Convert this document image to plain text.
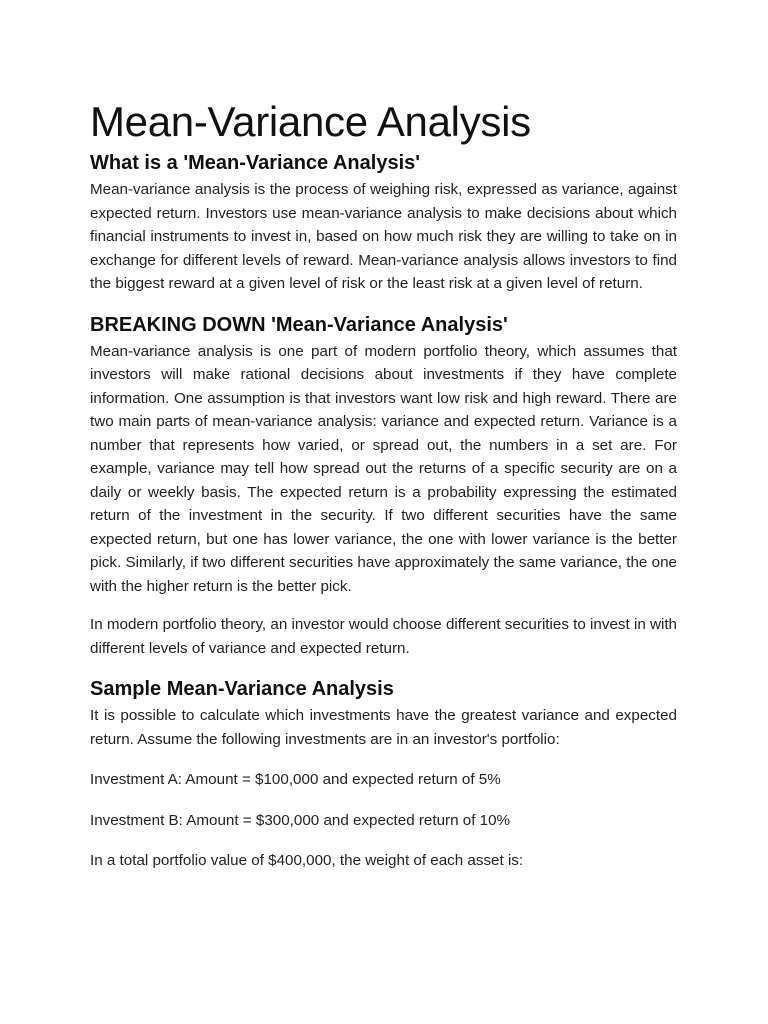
Mean-Variance Analysis
What is a 'Mean-Variance Analysis'

Mean-variance analysis is the process of weighing risk, expressed as variance, against expected return. Investors use mean-variance analysis to make decisions about which financial instruments to invest in, based on how much risk they are willing to take on in exchange for different levels of reward. Mean-variance analysis allows investors to find the biggest reward at a given level of risk or the least risk at a given level of return.

BREAKING DOWN 'Mean-Variance Analysis'

Mean-variance analysis is one part of modern portfolio theory, which assumes that investors will make rational decisions about investments if they have complete information. One assumption is that investors want low risk and high reward. There are two main parts of mean-variance analysis: variance and expected return. Variance is a number that represents how varied, or spread out, the numbers in a set are. For example, variance may tell how spread out the returns of a specific security are on a daily or weekly basis. The expected return is a probability expressing the estimated return of the investment in the security. If two different securities have the same expected return, but one has lower variance, the one with lower variance is the better pick. Similarly, if two different securities have approximately the same variance, the one with the higher return is the better pick.

In modern portfolio theory, an investor would choose different securities to invest in with different levels of variance and expected return.

Sample Mean-Variance Analysis

It is possible to calculate which investments have the greatest variance and expected return. Assume the following investments are in an investor's portfolio:

Investment A: Amount = $100,000 and expected return of 5%

Investment B: Amount = $300,000 and expected return of 10%

In a total portfolio value of $400,000, the weight of each asset is:
